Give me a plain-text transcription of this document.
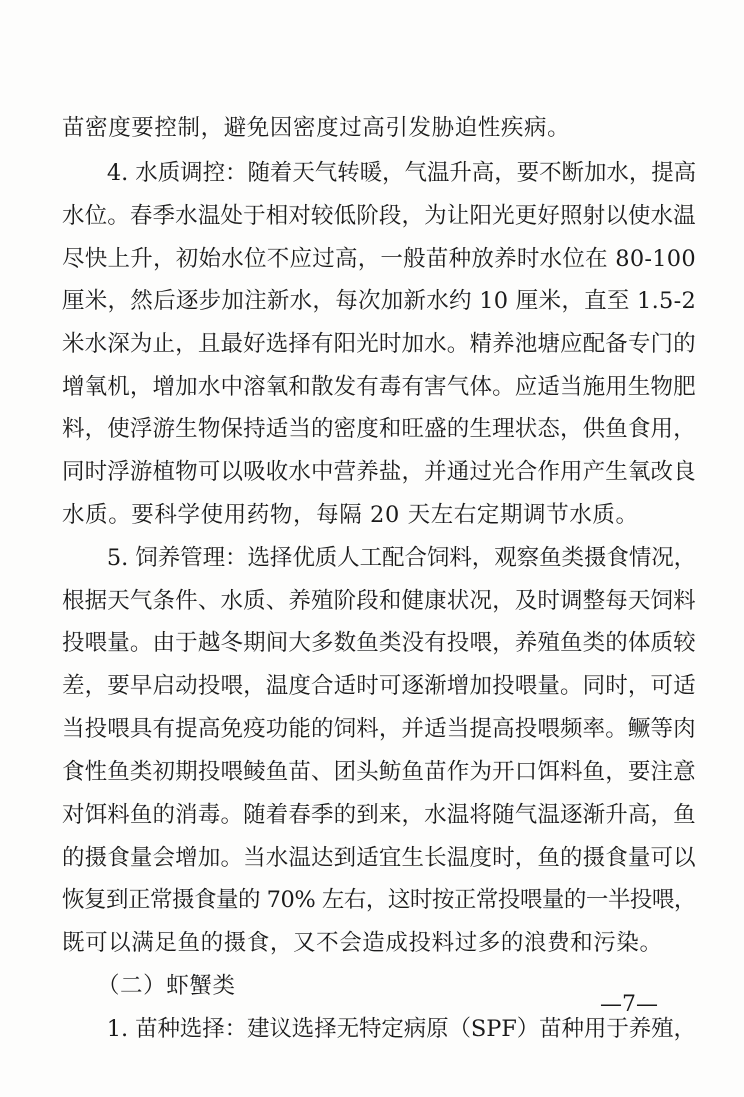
苗密度要控制，避免因密度过高引发胁迫性疾病。
　　4. 水质调控：随着天气转暖，气温升高，要不断加水，提高
水位。春季水温处于相对较低阶段，为让阳光更好照射以使水温
尽快上升，初始水位不应过高，一般苗种放养时水位在 80-100
厘米，然后逐步加注新水，每次加新水约 10 厘米，直至 1.5-2
米水深为止，且最好选择有阳光时加水。精养池塘应配备专门的
增氧机，增加水中溶氧和散发有毒有害气体。应适当施用生物肥
料，使浮游生物保持适当的密度和旺盛的生理状态，供鱼食用，
同时浮游植物可以吸收水中营养盐，并通过光合作用产生氧改良
水质。要科学使用药物，每隔 20 天左右定期调节水质。
　　5. 饲养管理：选择优质人工配合饲料，观察鱼类摄食情况，
根据天气条件、水质、养殖阶段和健康状况，及时调整每天饲料
投喂量。由于越冬期间大多数鱼类没有投喂，养殖鱼类的体质较
差，要早启动投喂，温度合适时可逐渐增加投喂量。同时，可适
当投喂具有提高免疫功能的饲料，并适当提高投喂频率。鳜等肉
食性鱼类初期投喂鲮鱼苗、团头鲂鱼苗作为开口饵料鱼，要注意
对饵料鱼的消毒。随着春季的到来，水温将随气温逐渐升高，鱼
的摄食量会增加。当水温达到适宜生长温度时，鱼的摄食量可以
恢复到正常摄食量的 70% 左右，这时按正常投喂量的一半投喂，
既可以满足鱼的摄食，又不会造成投料过多的浪费和污染。
　　（二）虾蟹类
　　1. 苗种选择：建议选择无特定病原（SPF）苗种用于养殖，
—7—
